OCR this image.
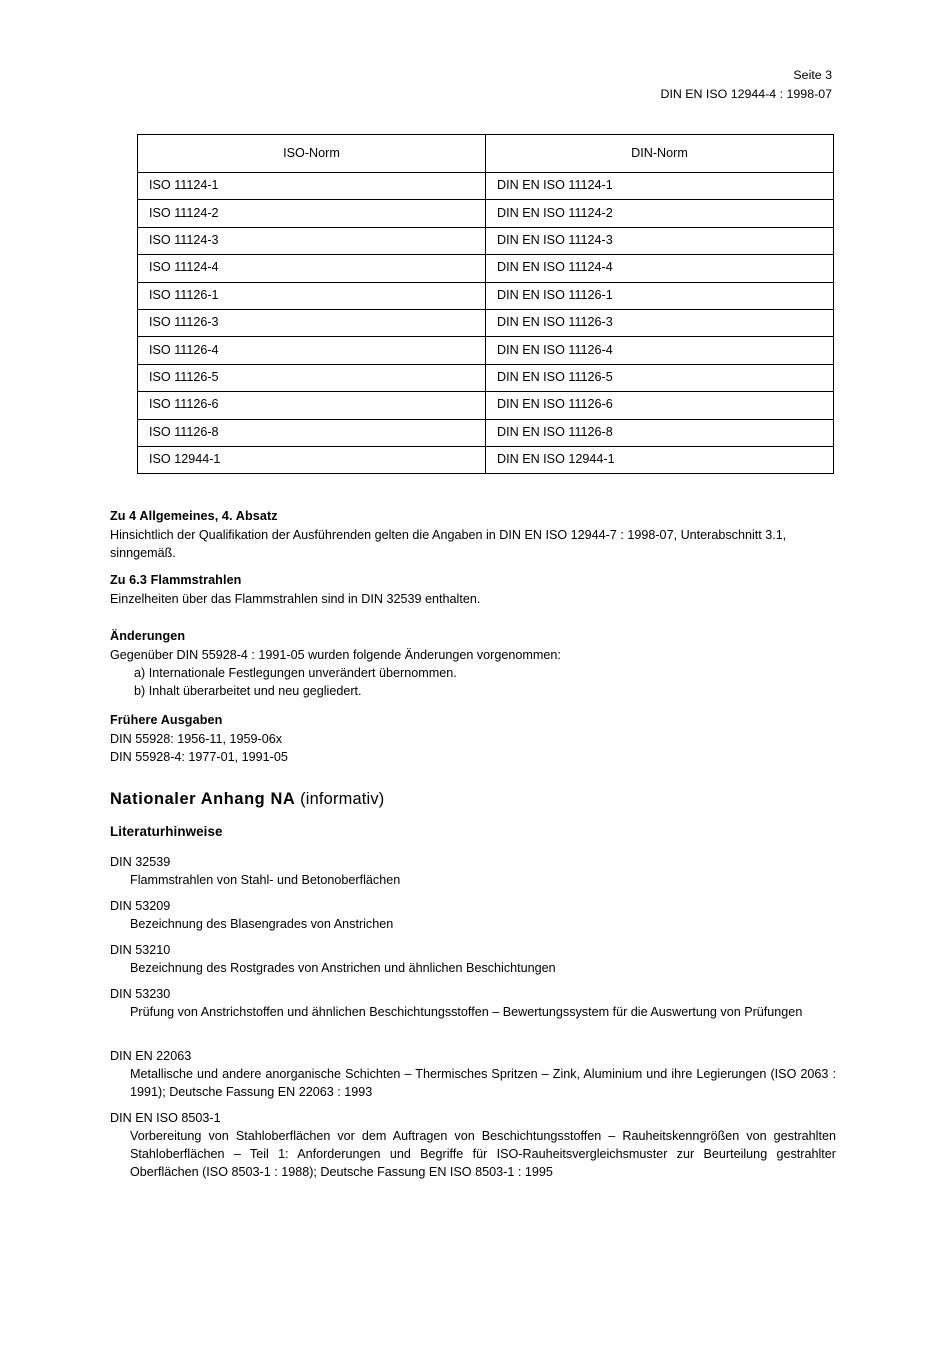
Seite 3
DIN EN ISO 12944-4 : 1998-07
ISO-Norm	DIN-Norm
ISO 11124-1	DIN EN ISO 11124-1
ISO 11124-2	DIN EN ISO 11124-2
ISO 11124-3	DIN EN ISO 11124-3
ISO 11124-4	DIN EN ISO 11124-4
ISO 11126-1	DIN EN ISO 11126-1
ISO 11126-3	DIN EN ISO 11126-3
ISO 11126-4	DIN EN ISO 11126-4
ISO 11126-5	DIN EN ISO 11126-5
ISO 11126-6	DIN EN ISO 11126-6
ISO 11126-8	DIN EN ISO 11126-8
ISO 12944-1	DIN EN ISO 12944-1

Zu 4 Allgemeines, 4. Absatz

Hinsichtlich der Qualifikation der Ausführenden gelten die Angaben in DIN EN ISO 12944-7 : 1998-07, Unterabschnitt 3.1, sinngemäß.

Zu 6.3 Flammstrahlen

Einzelheiten über das Flammstrahlen sind in DIN 32539 enthalten.

Änderungen

Gegenüber DIN 55928-4 : 1991-05 wurden folgende Änderungen vorgenommen:

a) Internationale Festlegungen unverändert übernommen.
b) Inhalt überarbeitet und neu gegliedert.

Frühere Ausgaben

DIN 55928: 1956-11, 1959-06x

DIN 55928-4: 1977-01, 1991-05

Nationaler Anhang NA (informativ)

Literaturhinweise

DIN 32539
Flammstrahlen von Stahl- und Betonoberflächen

DIN 53209
Bezeichnung des Blasengrades von Anstrichen

DIN 53210
Bezeichnung des Rostgrades von Anstrichen und ähnlichen Beschichtungen

DIN 53230
Prüfung von Anstrichstoffen und ähnlichen Beschichtungsstoffen – Bewertungssystem für die Auswertung von Prüfungen

DIN EN 22063
Metallische und andere anorganische Schichten – Thermisches Spritzen – Zink, Aluminium und ihre Legierungen (ISO 2063 : 1991); Deutsche Fassung EN 22063 : 1993

DIN EN ISO 8503-1
Vorbereitung von Stahloberflächen vor dem Auftragen von Beschichtungsstoffen – Rauheitskenngrößen von gestrahlten Stahloberflächen – Teil 1: Anforderungen und Begriffe für ISO-Rauheitsvergleichsmuster zur Beurteilung gestrahlter Oberflächen (ISO 8503-1 : 1988); Deutsche Fassung EN ISO 8503-1 : 1995
